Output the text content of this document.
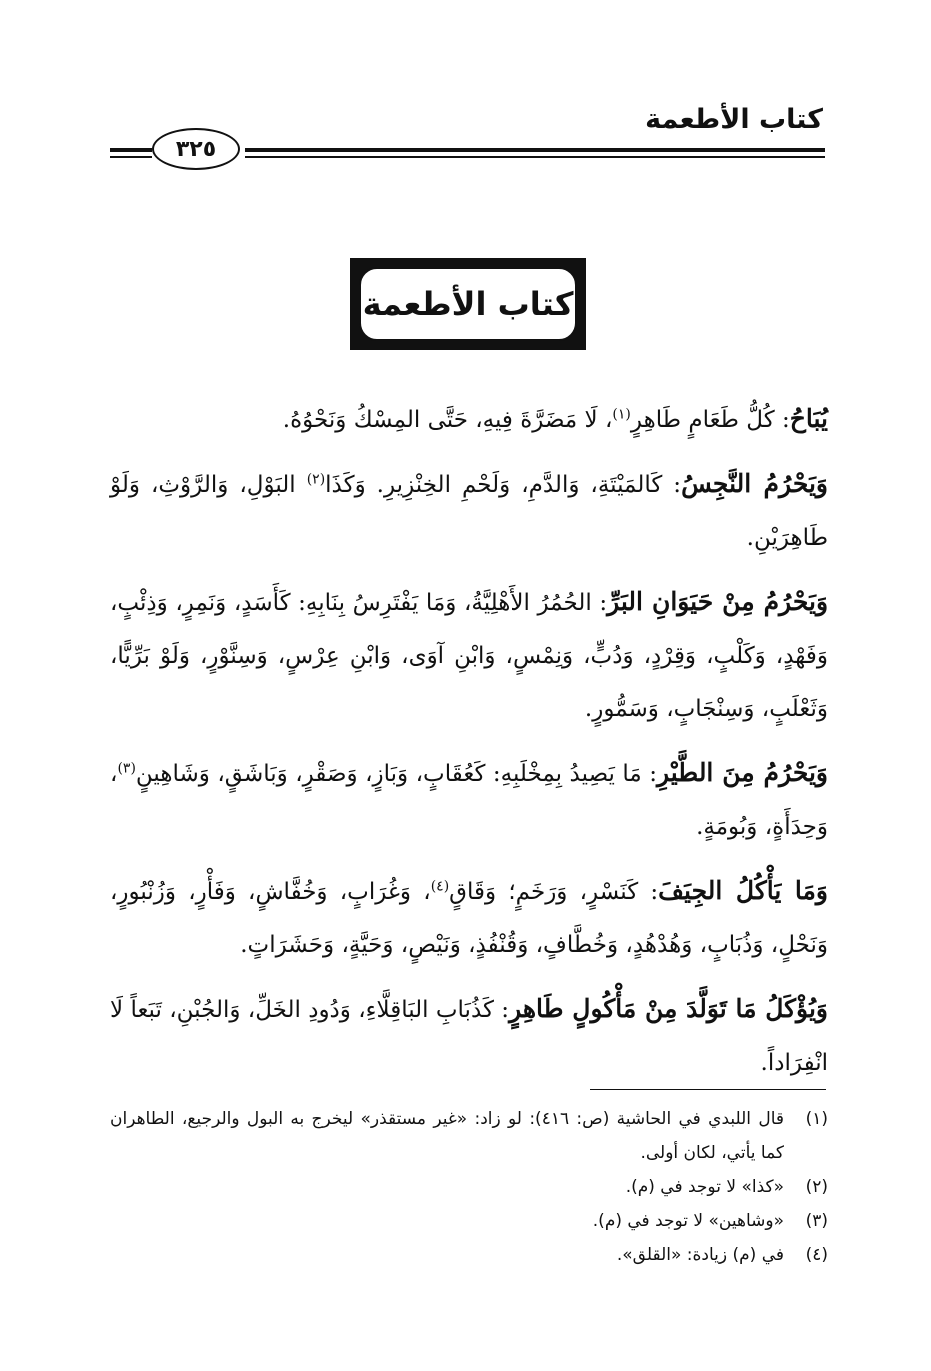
كتاب الأطعمة
٣٢٥
كتاب الأطعمة

يُبَاحُ: كُلُّ طَعَامٍ طَاهِرٍ$^{(١)}$، لَا مَضَرَّةَ فِيهِ، حَتَّى المِسْكُ وَنَحْوُهُ.

وَيَحْرُمُ النَّجِسُ: كَالمَيْتَةِ، وَالدَّمِ، وَلَحْمِ الخِنْزِيرِ. وَكَذَا$^{(٢)}$ البَوْلِ، وَالرَّوْثِ، وَلَوْ طَاهِرَيْنِ.

وَيَحْرُمُ مِنْ حَيَوَانِ البَرِّ: الحُمُرُ الأَهْلِيَّةُ، وَمَا يَفْتَرِسُ بِنَابِهِ: كَأَسَدٍ، وَنَمِرٍ، وَذِئْبٍ، وَفَهْدٍ، وَكَلْبٍ، وَقِرْدٍ، وَدُبٍّ، وَنِمْسٍ، وَابْنِ آوَى، وَابْنِ عِرْسٍ، وَسِنَّوْرٍ، وَلَوْ بَرِّيًّا، وَثَعْلَبٍ، وَسِنْجَابٍ، وَسَمُّورٍ.

وَيَحْرُمُ مِنَ الطَّيْرِ: مَا يَصِيدُ بِمِخْلَبِهِ: كَعُقَابٍ، وَبَازٍ، وَصَقْرٍ، وَبَاشَقٍ، وَشَاهِينٍ$^{(٣)}$، وَحِدَأَةٍ، وَبُومَةٍ.

وَمَا يَأْكُلُ الجِيَفَ: كَنَسْرٍ، وَرَخَمٍ؛ وَقَاقٍ$^{(٤)}$، وَغُرَابٍ، وَخُفَّاشٍ، وَفَأْرٍ، وَزُنْبُورٍ، وَنَحْلٍ، وَذُبَابٍ، وَهُدْهُدٍ، وَخُطَّافٍ، وَقُنْفُذٍ، وَنَيْصٍ، وَحَيَّةٍ، وَحَشَرَاتٍ.

وَيُؤْكَلُ مَا تَوَلَّدَ مِنْ مَأْكُولٍ طَاهِرٍ: كَذُبَابِ البَاقِلَّاءِ، وَدُودِ الخَلِّ، وَالجُبْنِ، تَبَعاً لَا انْفِرَاداً.

(١)
قال اللبدي في الحاشية (ص: ٤١٦): لو زاد: «غير مستقذر» ليخرج به البول والرجيع، الطاهران كما يأتي، لكان أولى.
(٢)
«كذا» لا توجد في (م).
(٣)
«وشاهين» لا توجد في (م).
(٤)
في (م) زيادة: «القلق».
